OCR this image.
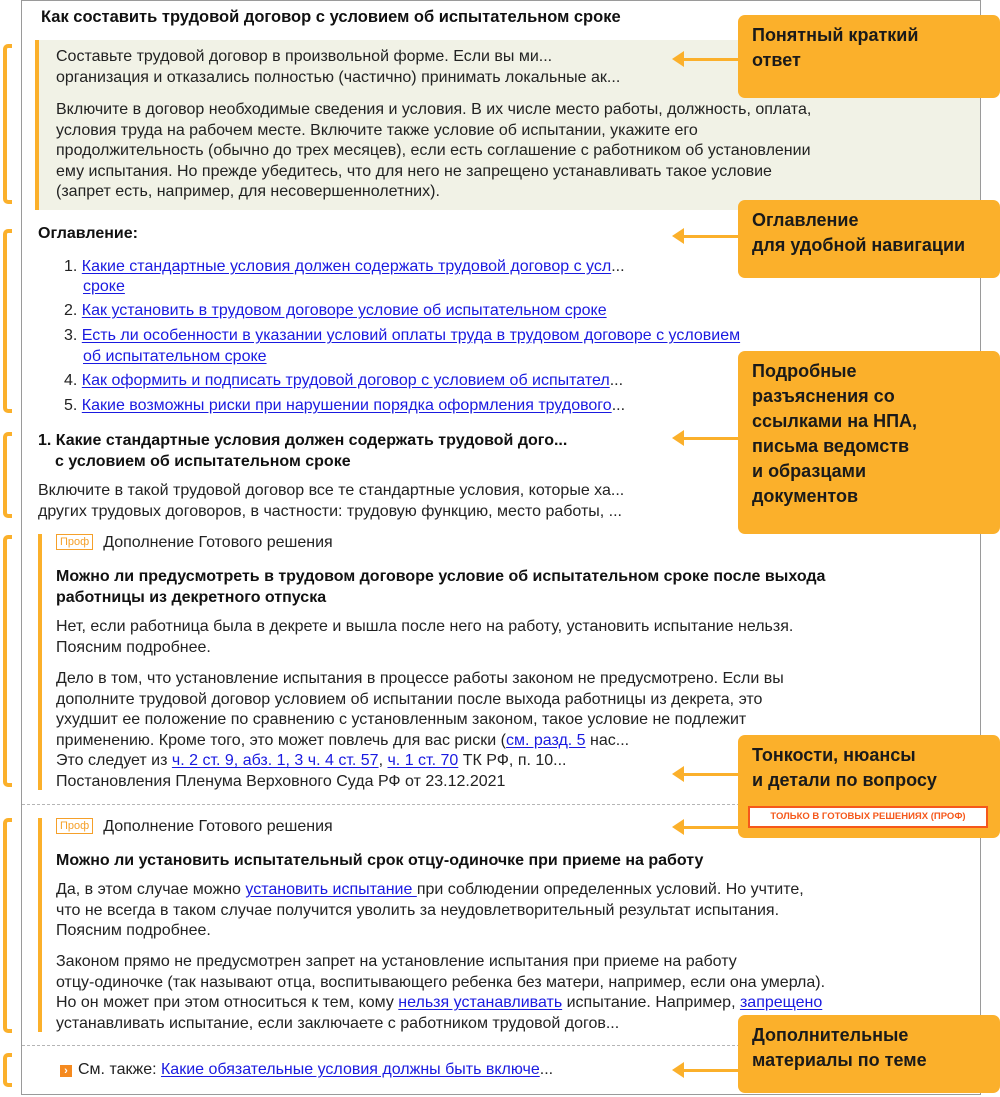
Как составить трудовой договор с условием об испытательном сроке
Составьте трудовой договор в произвольной форме. Если вы ми...
организация и отказались полностью (частично) принимать локальные ак...
Включите в договор необходимые сведения и условия. В их числе место работы, должность, оплата,
условия труда на рабочем месте. Включите также условие об испытании, укажите его
продолжительность (обычно до трех месяцев), если есть соглашение с работником об установлении
ему испытания. Но прежде убедитесь, что для него не запрещено устанавливать такое условие
(запрет есть, например, для несовершеннолетних).
Оглавление:
1. Какие стандартные условия должен содержать трудовой договор с усл...
сроке
2. Как установить в трудовом договоре условие об испытательном сроке
3. Есть ли особенности в указании условий оплаты труда в трудовом договоре с условием
об испытательном сроке
4. Как оформить и подписать трудовой договор с условием об испытател...
5. Какие возможны риски при нарушении порядка оформления трудового...
1. Какие стандартные условия должен содержать трудовой дого...
с условием об испытательном сроке
Включите в такой трудовой договор все те стандартные условия, которые ха...
других трудовых договоров, в частности: трудовую функцию, место работы, ...
Проф Дополнение Готового решения
Можно ли предусмотреть в трудовом договоре условие об испытательном сроке после выхода
работницы из декретного отпуска
Нет, если работница была в декрете и вышла после него на работу, установить испытание нельзя.
Поясним подробнее.
Дело в том, что установление испытания в процессе работы законом не предусмотрено. Если вы
дополните трудовой договор условием об испытании после выхода работницы из декрета, это
ухудшит ее положение по сравнению с установленным законом, такое условие не подлежит
применению. Кроме того, это может повлечь для вас риски (см. разд. 5 нас...
Это следует из ч. 2 ст. 9, абз. 1, 3 ч. 4 ст. 57, ч. 1 ст. 70 ТК РФ, п. 10...
Постановления Пленума Верховного Суда РФ от 23.12.2021
Проф Дополнение Готового решения
Можно ли установить испытательный срок отцу-одиночке при приеме на работу
Да, в этом случае можно установить испытание при соблюдении определенных условий. Но учтите,
что не всегда в таком случае получится уволить за неудовлетворительный результат испытания.
Поясним подробнее.
Законом прямо не предусмотрен запрет на установление испытания при приеме на работу
отцу-одиночке (так называют отца, воспитывающего ребенка без матери, например, если она умерла).
Но он может при этом относиться к тем, кому нельзя устанавливать испытание. Например, запрещено
устанавливать испытание, если заключаете с работником трудовой догов...
› См. также: Какие обязательные условия должны быть включе...
Понятный краткий
ответ
Оглавление
для удобной навигации
Подробные
разъяснения со
ссылками на НПА,
письма ведомств
и образцами
документов
Тонкости, нюансы
и детали по вопросу
ТОЛЬКО В ГОТОВЫХ РЕШЕНИЯХ (ПРОФ)
Дополнительные
материалы по теме
